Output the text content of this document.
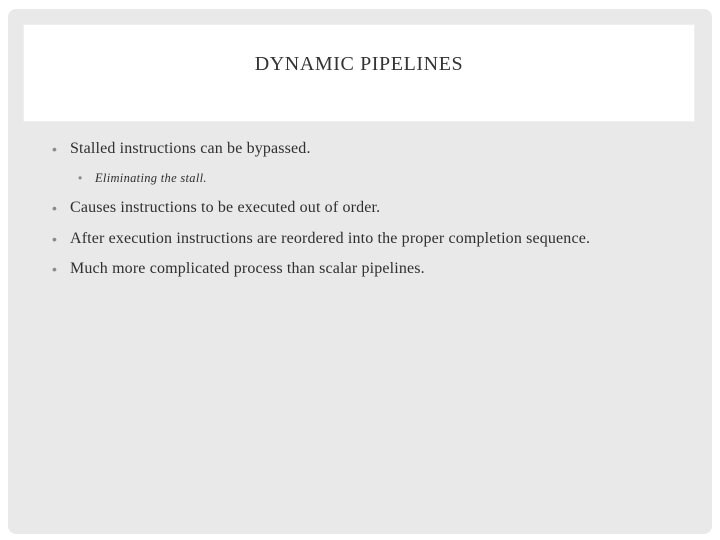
DYNAMIC PIPELINES
• Stalled instructions can be bypassed.
• Eliminating the stall.
• Causes instructions to be executed out of order.
• After execution instructions are reordered into the proper completion sequence.
• Much more complicated process than scalar pipelines.
